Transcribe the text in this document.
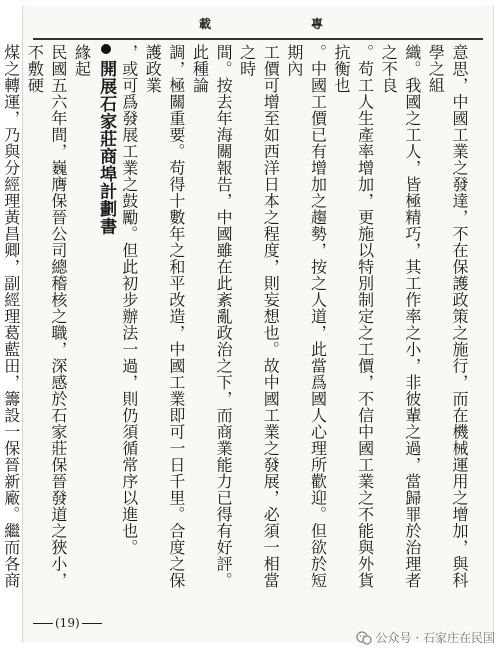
載	專

意思，中國工業之發達，不在保護政策之施行，而在機械運用之增加，與科學之組

織。我國之工人，皆極精巧，其工作率之小，非彼輩之過，當歸罪於治理者之不良

。苟工人生產率增加，更施以特別制定之工價，不信中國工業之不能與外貨抗衡也

。中國工價已有增加之趨勢，按之人道，此當爲國人心理所歡迎。但欲於短期內

工價可增至如西洋日本之程度，則妄想也。故中國工業之發展，必須一相當之時

間。按去年海關報告，中國雖在此紊亂政治之下，而商業能力已得有好評。此種論

調，極關重要。苟得十數年之和平改造，中國工業即可一日千里。合度之保護政業

，或可爲發展工業之鼓勵。但此初步辦法一過，則仍須循常序以進也。

開展石家莊商埠計劃書

緣起

民國五六年間，巍膺保晉公司總稽核之職，深感於石家莊保晉發道之狹小，不敷硬

煤之轉運，乃與分經理黃昌卿，副經理葛藍田，籌設一保晉新廠。繼而各商

(19)
公众号 · 石家庄在民国
